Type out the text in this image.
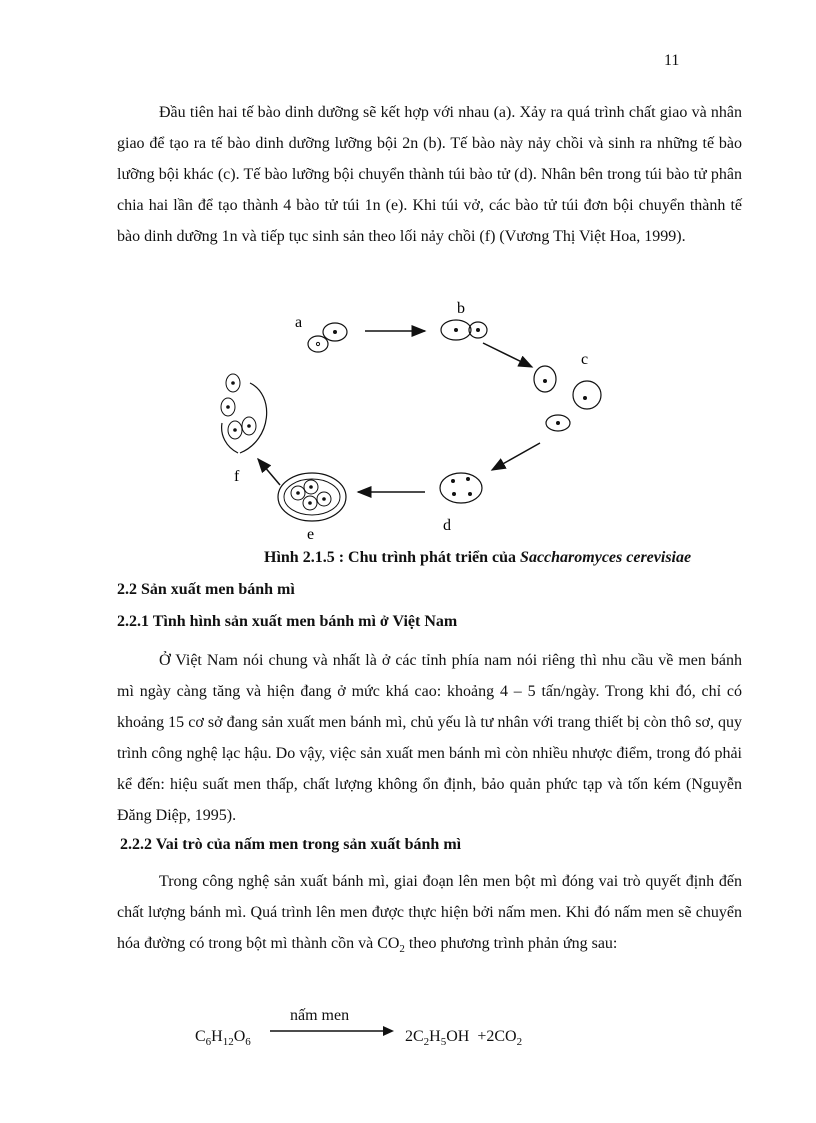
11

Đầu tiên hai tế bào dinh dưỡng sẽ kết hợp với nhau (a). Xảy ra quá trình chất giao và nhân giao để tạo ra tế bào dinh dưỡng lưỡng bội 2n (b). Tế bào này nảy chồi và sinh ra những tế bào lưỡng bội khác (c). Tế bào lưỡng bội chuyển thành túi bào tử (d). Nhân bên trong túi bào tử phân chia hai lần để tạo thành 4 bào tử túi 1n (e). Khi túi vở, các bào tử túi đơn bội chuyển thành tế bào dinh dưỡng 1n và tiếp tục sinh sản theo lối nảy chồi (f) (Vương Thị Việt Hoa, 1999).

a
b
c
d
e
f
Hình 2.1.5 : Chu trình phát triển của Saccharomyces cerevisiae

2.2 Sản xuất men bánh mì

2.2.1 Tình hình sản xuất men bánh mì ở Việt Nam

Ở Việt Nam nói chung và nhất là ở các tỉnh phía nam nói riêng thì nhu cầu về men bánh mì ngày càng tăng và hiện đang ở mức khá cao: khoảng 4 – 5 tấn/ngày. Trong khi đó, chỉ có khoảng 15 cơ sở đang sản xuất men bánh mì, chủ yếu là tư nhân với trang thiết bị còn thô sơ, quy trình công nghệ lạc hậu. Do vậy, việc sản xuất men bánh mì còn nhiều nhược điểm, trong đó phải kể đến: hiệu suất men thấp, chất lượng không ổn định, bảo quản phức tạp và tốn kém (Nguyễn Đăng Diệp, 1995).

2.2.2 Vai trò của nấm men trong sản xuất bánh mì

Trong công nghệ sản xuất bánh mì, giai đoạn lên men bột mì đóng vai trò quyết định đến chất lượng bánh mì. Quá trình lên men được thực hiện bởi nấm men. Khi đó nấm men sẽ chuyển hóa đường có trong bột mì thành cồn và $CO_2$ theo phương trình phản ứng sau:

nấm men
$C_6H_{12}O_6$	$2C_2H_5OH +2CO_2$
